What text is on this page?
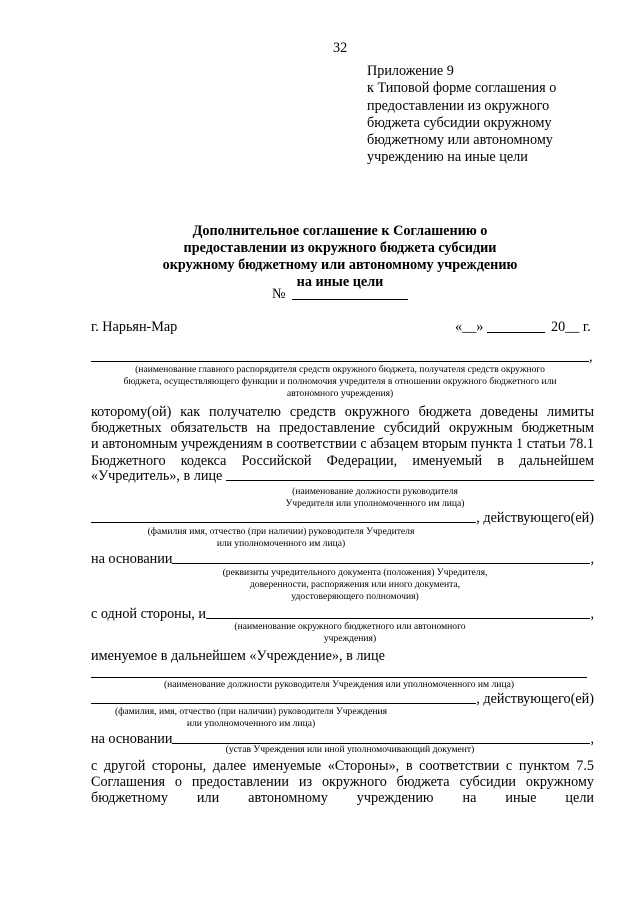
32
Приложение 9
к Типовой форме соглашения о
предоставлении из окружного
бюджета субсидии окружному
бюджетному или автономному
учреждению на иные цели
Дополнительное соглашение к Соглашению о
предоставлении из окружного бюджета субсидии
окружному бюджетному или автономному учреждению
на иные цели
№
г. Нарьян-Мар	«__»	20__ г.
,
(наименование главного распорядителя средств окружного бюджета, получателя средств окружного
бюджета, осуществляющего функции и полномочия учредителя в отношении окружного бюджетного или
автономного учреждения)
которому(ой) как получателю средств окружного бюджета доведены лимиты
бюджетных обязательств на предоставление субсидий окружным бюджетным
и автономным учреждениям в соответствии с абзацем вторым пункта 1 статьи 78.1
Бюджетного кодекса Российской Федерации, именуемый в дальнейшем
«Учредитель», в лице
(наименование должности руководителя
Учредителя или уполномоченного им лица)
, действующего(ей)
(фамилия имя, отчество (при наличии) руководителя Учредителя
или уполномоченного им лица)
на основании	,
(реквизиты учредительного документа (положения) Учредителя,
доверенности, распоряжения или иного документа,
удостоверяющего полномочия)
с одной стороны, и	,
(наименование окружного бюджетного или автономного
учреждения)
именуемое в дальнейшем «Учреждение», в лице
(наименование должности руководителя Учреждения или уполномоченного им лица)
, действующего(ей)
(фамилия, имя, отчество (при наличии) руководителя Учреждения
или уполномоченного им лица)
на основании	,
(устав Учреждения или иной уполномочивающий документ)
с другой стороны, далее именуемые «Стороны», в соответствии с пунктом 7.5
Соглашения о предоставлении из окружного бюджета субсидии окружному
бюджетному или автономному учреждению на иные цели
